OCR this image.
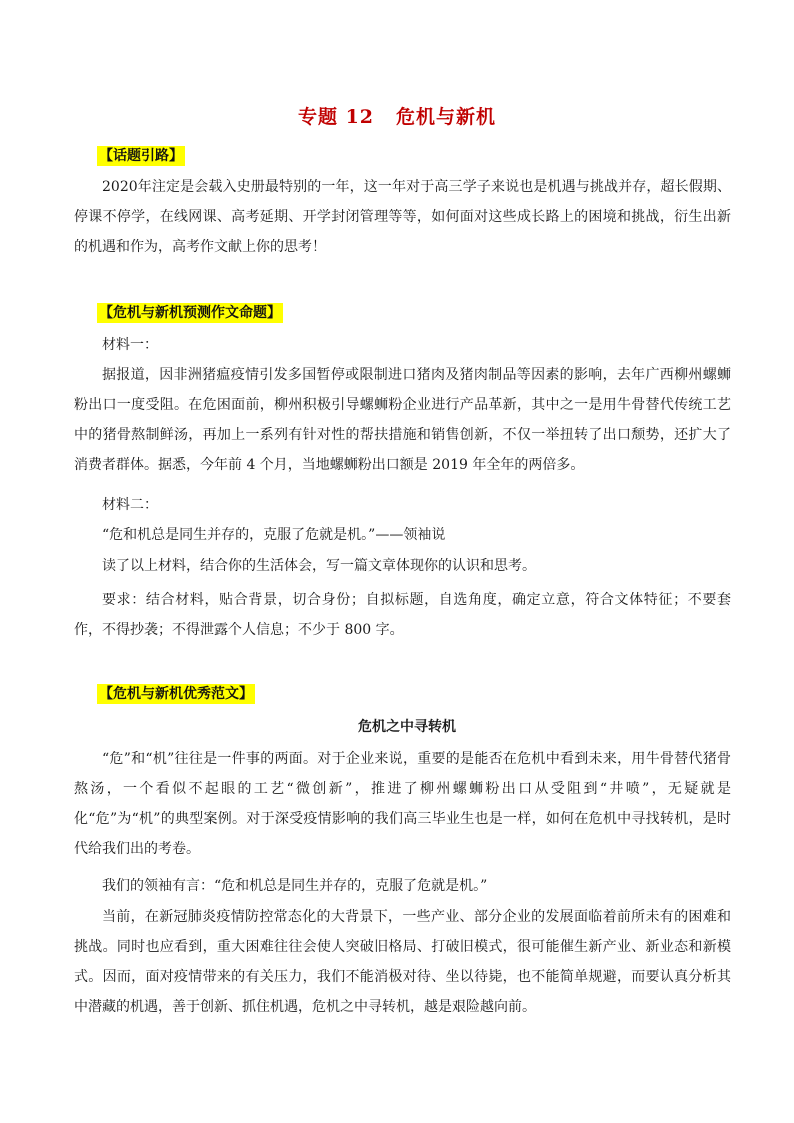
专题 12 危机与新机
【话题引路】

2020年注定是会载入史册最特别的一年，这一年对于高三学子来说也是机遇与挑战并存，超长假期、停课不停学，在线网课、高考延期、开学封闭管理等等，如何面对这些成长路上的困境和挑战，衍生出新的机遇和作为，高考作文献上你的思考！

【危机与新机预测作文命题】
材料一：

据报道，因非洲猪瘟疫情引发多国暂停或限制进口猪肉及猪肉制品等因素的影响，去年广西柳州螺蛳粉出口一度受阻。在危困面前，柳州积极引导螺蛳粉企业进行产品革新，其中之一是用牛骨替代传统工艺中的猪骨熬制鲜汤，再加上一系列有针对性的帮扶措施和销售创新，不仅一举扭转了出口颓势，还扩大了消费者群体。据悉，今年前 4 个月，当地螺蛳粉出口额是 2019 年全年的两倍多。

材料二：
“危和机总是同生并存的，克服了危就是机。”——领袖说
读了以上材料，结合你的生活体会，写一篇文章体现你的认识和思考。

要求：结合材料，贴合背景，切合身份；自拟标题，自选角度，确定立意，符合文体特征；不要套作，不得抄袭；不得泄露个人信息；不少于 800 字。

【危机与新机优秀范文】
危机之中寻转机

“危”和“机”往往是一件事的两面。对于企业来说，重要的是能否在危机中看到未来，用牛骨替代猪骨熬汤，一个看似不起眼的工艺“微创新”，推进了柳州螺蛳粉出口从受阻到“井喷”，无疑就是化“危”为“机”的典型案例。对于深受疫情影响的我们高三毕业生也是一样，如何在危机中寻找转机，是时代给我们出的考卷。

我们的领袖有言：“危和机总是同生并存的，克服了危就是机。”

当前，在新冠肺炎疫情防控常态化的大背景下，一些产业、部分企业的发展面临着前所未有的困难和挑战。同时也应看到，重大困难往往会使人突破旧格局、打破旧模式，很可能催生新产业、新业态和新模式。因而，面对疫情带来的有关压力，我们不能消极对待、坐以待毙，也不能简单规避，而要认真分析其中潜藏的机遇，善于创新、抓住机遇，危机之中寻转机，越是艰险越向前。
